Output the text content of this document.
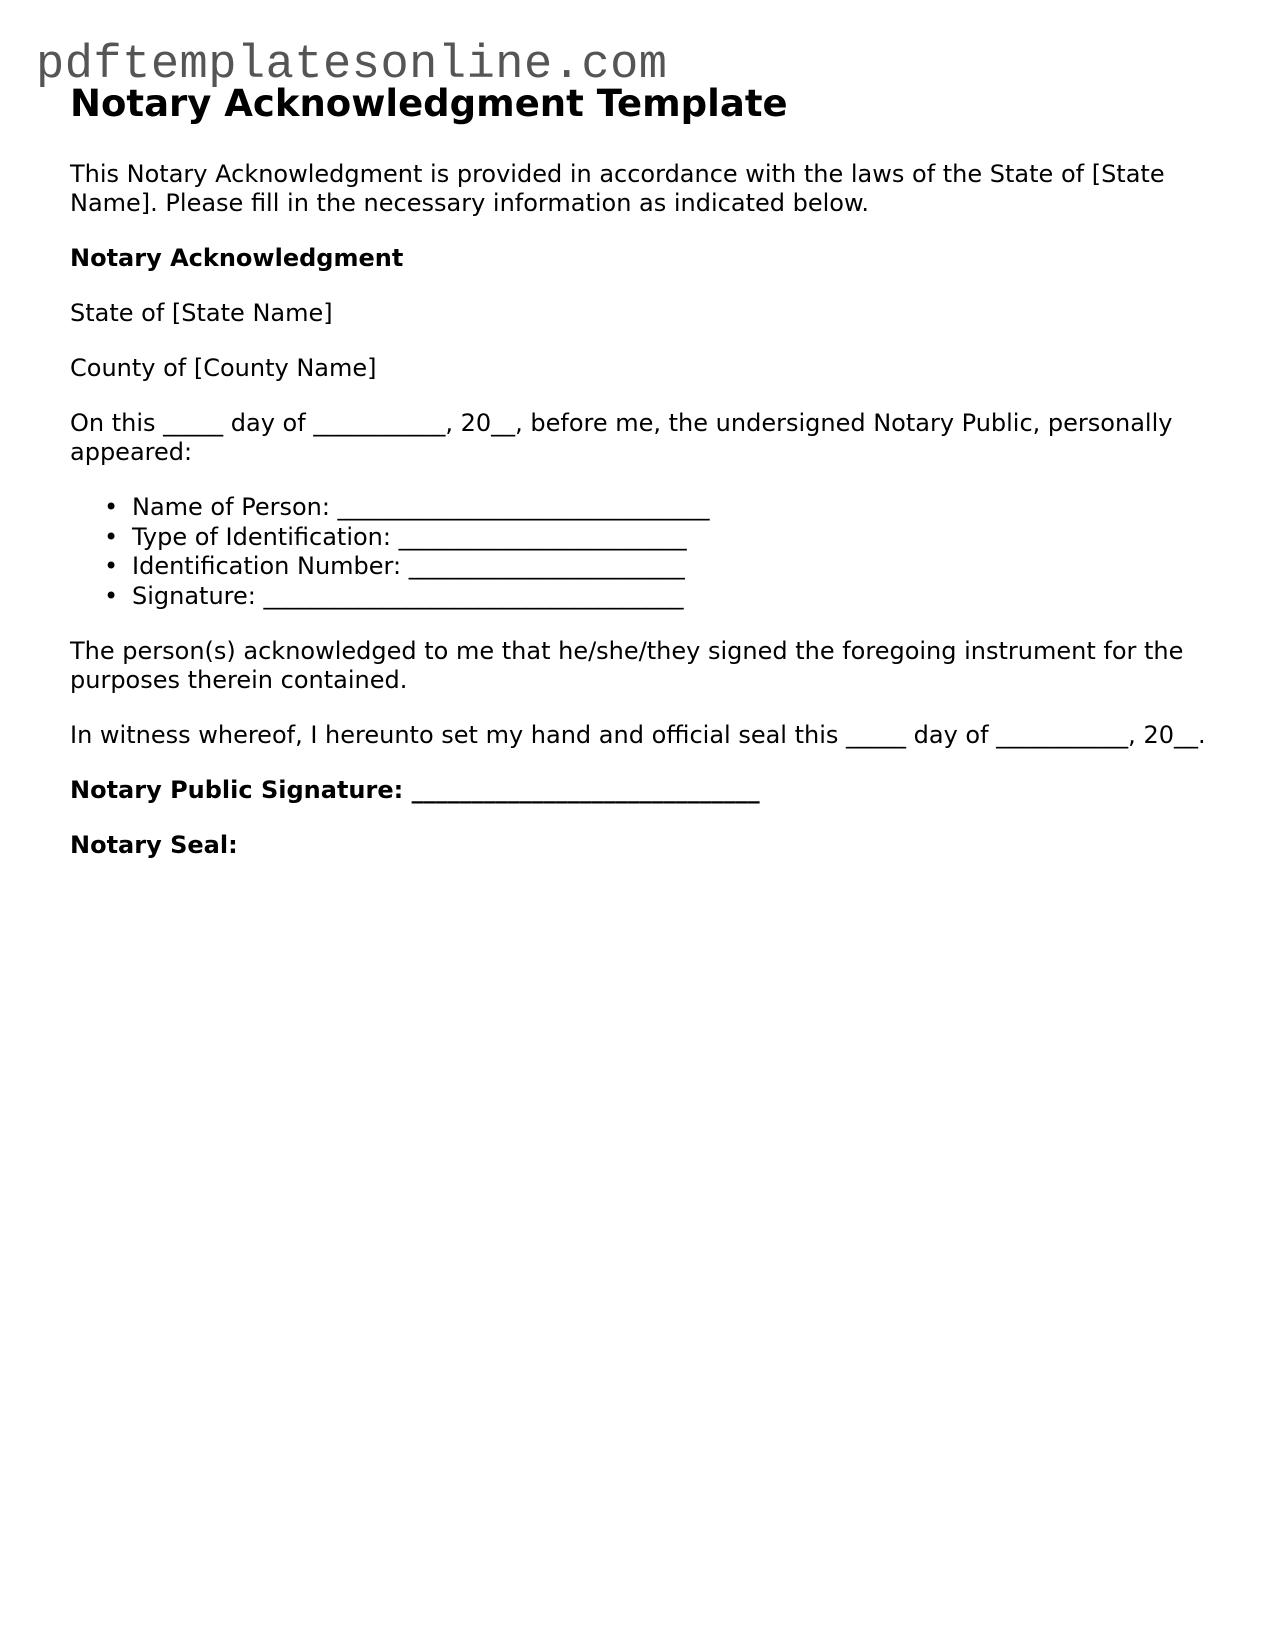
pdftemplatesonline.com
Notary Acknowledgment Template

This Notary Acknowledgment is provided in accordance with the laws of the State of [State Name]. Please fill in the necessary information as indicated below.

Notary Acknowledgment

State of [State Name]

County of [County Name]

On this _____ day of ___________, 20__, before me, the undersigned Notary Public, personally appeared:

• Name of Person: _______________________________
• Type of Identification: ________________________
• Identification Number: _______________________
• Signature: ___________________________________

The person(s) acknowledged to me that he/she/they signed the foregoing instrument for the purposes therein contained.

In witness whereof, I hereunto set my hand and official seal this _____ day of ___________, 20__.

Notary Public Signature: _____________________________

Notary Seal:
